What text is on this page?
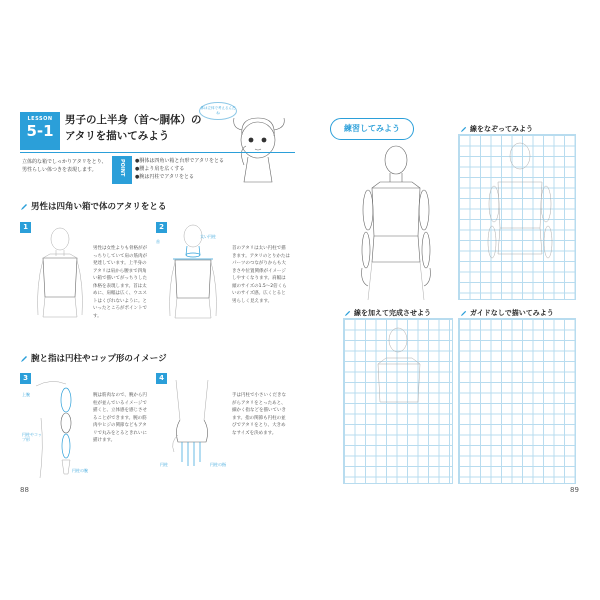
LESSON
5-1
男子の上半身（首～胴体）の
アタリを描いてみよう
体は立体で考えるんだね
立体的な箱でしっかりアタリをとり、男性らしい体つきを表現します。	POINT ●胴体は四角い箱と台形でアタリをとる
●腰より肩を広くする
●腕は円柱でアタリをとる
男性は四角い箱で体のアタリをとる
1
男性は女性よりも骨格ががっちりしていて肩の筋肉が発達しています。上半身のアタリは肩から腰まで四角い箱で描いてがっちりした体格を表現します。首は太めに、肩幅は広く、ウエストはくびれないように。といったところがポイントです。
2
首
太い円柱
首のアタリは太い円柱で描きます。アタリのとりかたはパーツのつながりからも大きさや位置関係がイメージしやすくなります。肩幅は頭のサイズの1.5～2倍くらいのサイズ感。広くとると男らしく見えます。
腕と指は円柱やコップ形のイメージ
3
上腕
円柱やコップ形
円柱の腕
腕は筋肉なので、腕から円柱が並んでいるイメージで描くと、立体感を感じさせることができます。腕の筋肉やヒジの関節などもアタリで丸みをとるときれいに描けます。
4
円柱	円柱の指
手は円柱で小さいくだきながらアタリをとったあと、細かく指などを描いていきます。指の関節も円柱の並びでアタリをとり、大きめなサイズを決めます。
88
練習してみよう	線をなぞってみよう
線を加えて完成させよう	ガイドなしで描いてみよう
89
